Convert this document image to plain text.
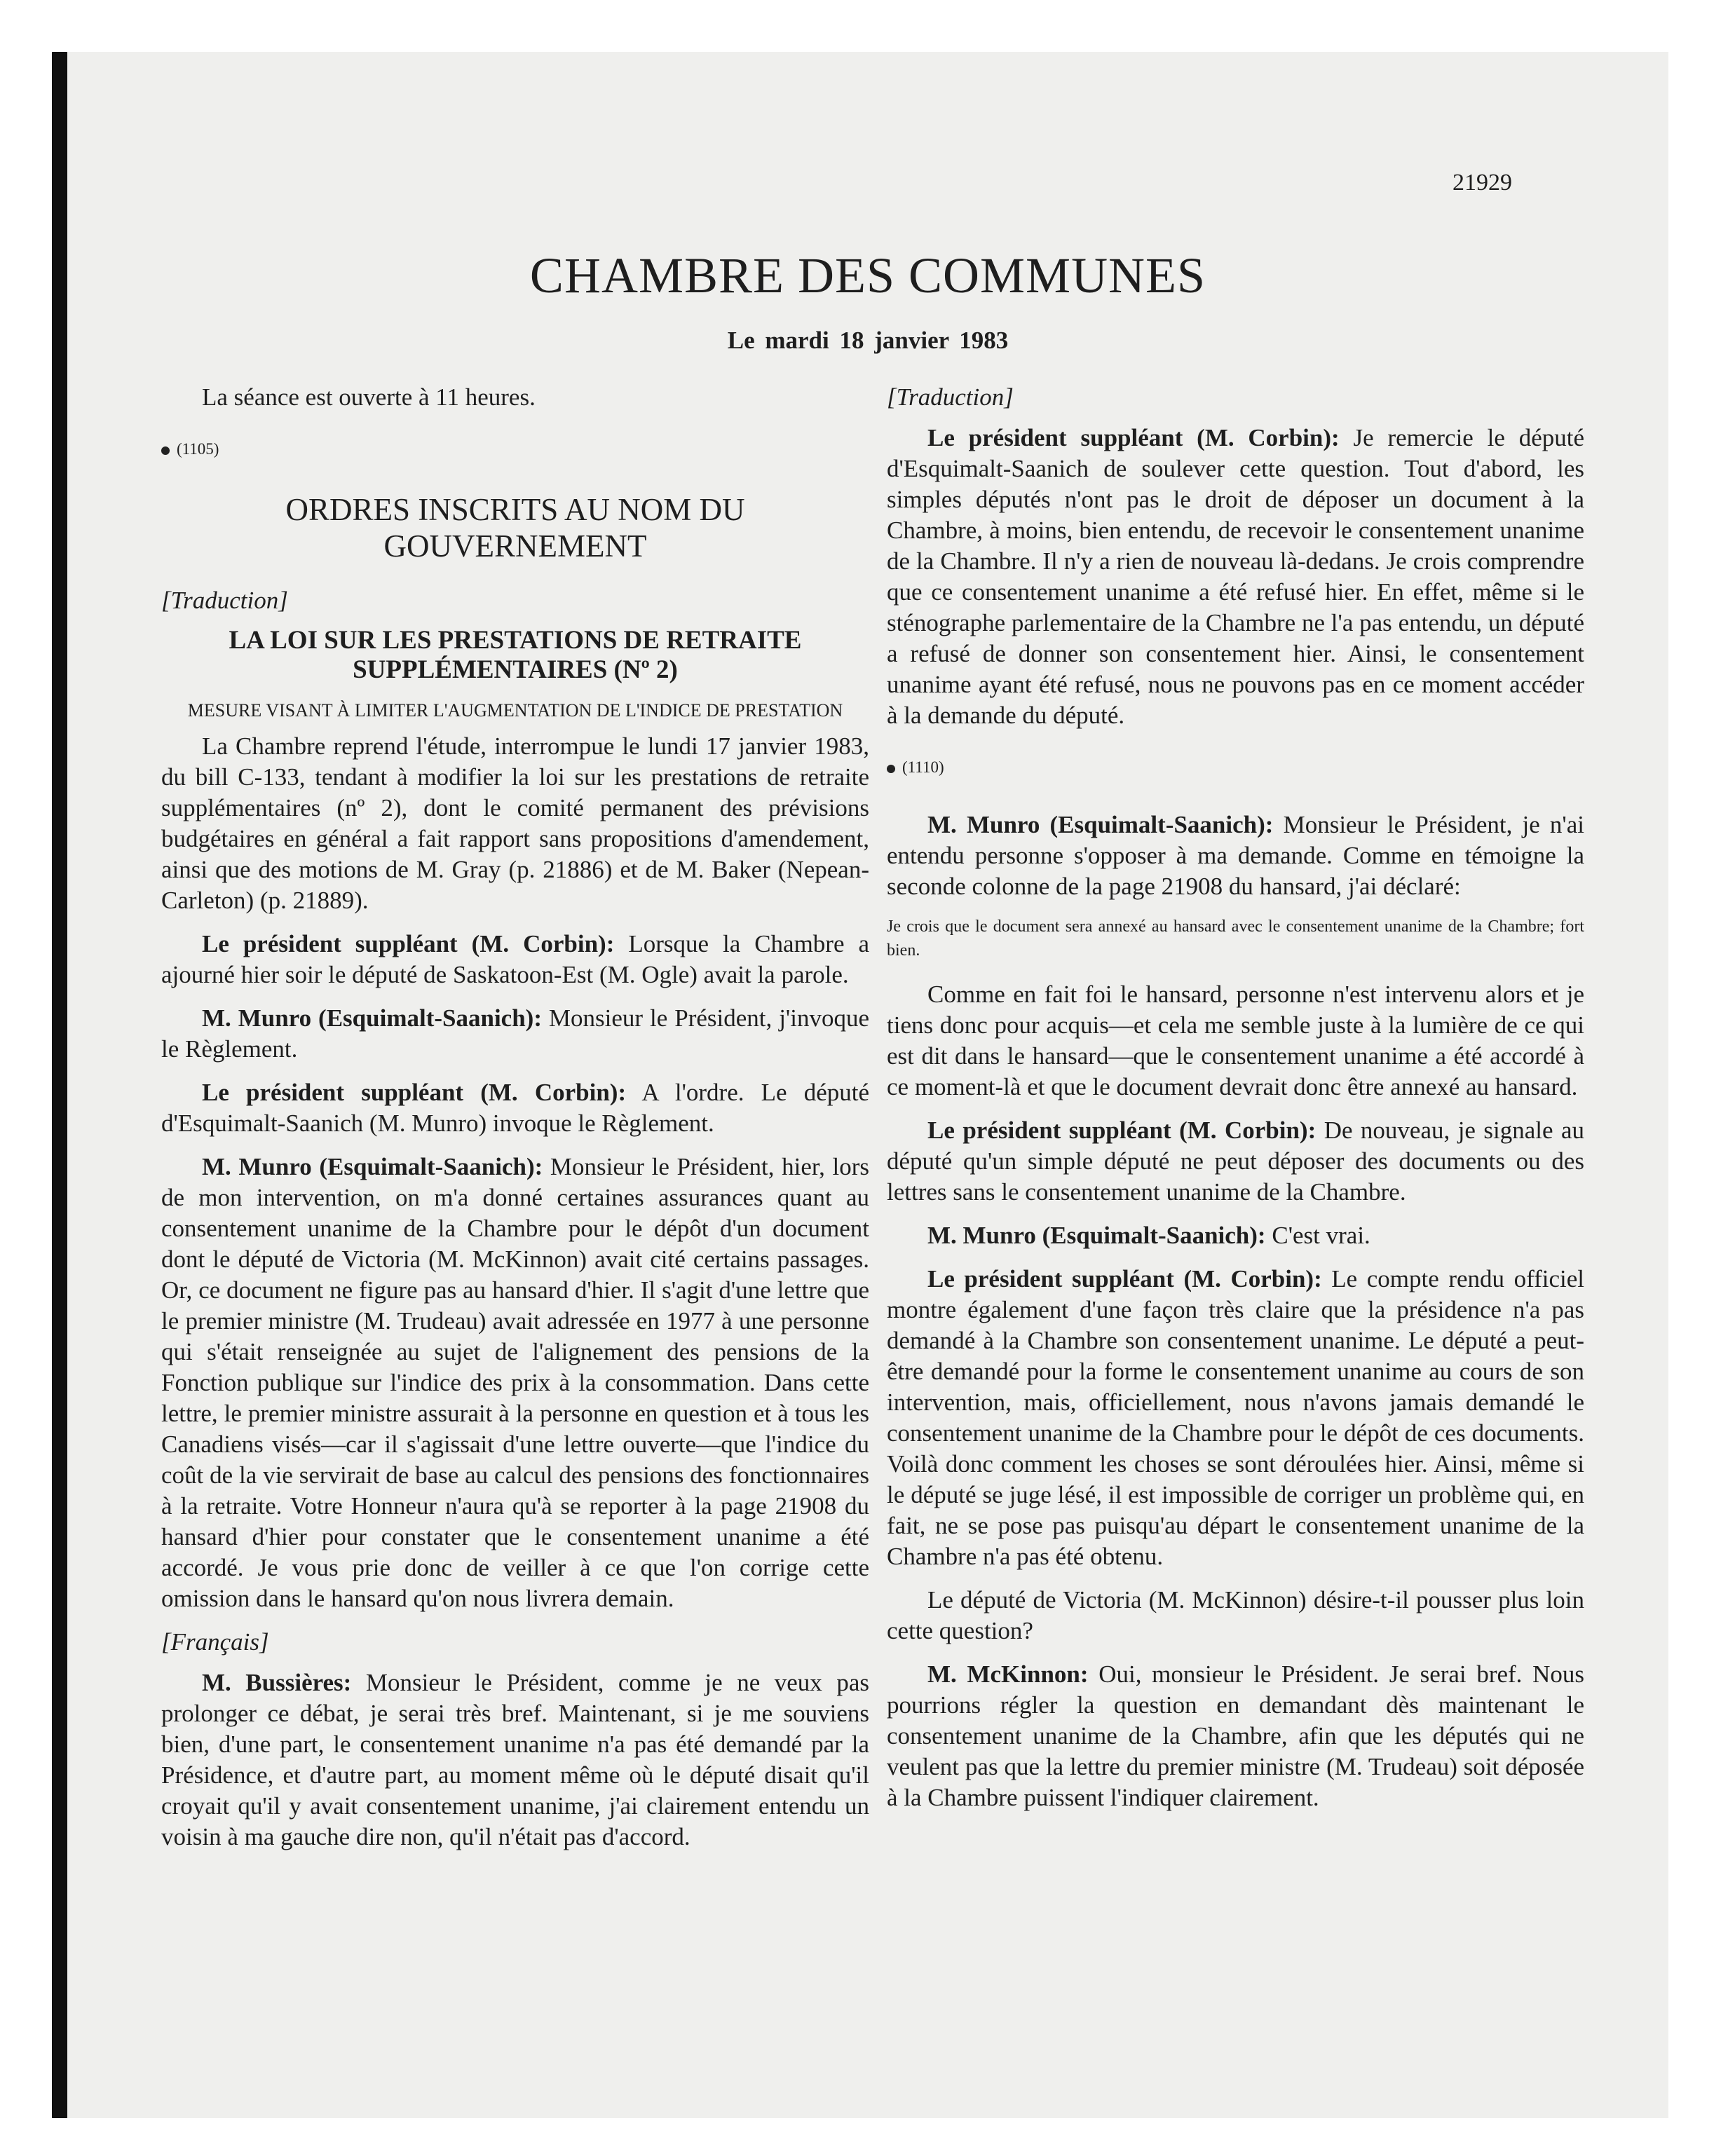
21929
CHAMBRE DES COMMUNES
Le mardi 18 janvier 1983

La séance est ouverte à 11 heures.

(1105)

ORDRES INSCRITS AU NOM DU GOUVERNEMENT

[Traduction]

LA LOI SUR LES PRESTATIONS DE RETRAITE SUPPLÉMENTAIRES (Nº 2)

MESURE VISANT À LIMITER L'AUGMENTATION DE L'INDICE DE PRESTATION

La Chambre reprend l'étude, interrompue le lundi 17 janvier 1983, du bill C-133, tendant à modifier la loi sur les prestations de retraite supplémentaires (nº 2), dont le comité permanent des prévisions budgétaires en général a fait rapport sans propositions d'amendement, ainsi que des motions de M. Gray (p. 21886) et de M. Baker (Nepean-Carleton) (p. 21889).

Le président suppléant (M. Corbin): Lorsque la Chambre a ajourné hier soir le député de Saskatoon-Est (M. Ogle) avait la parole.

M. Munro (Esquimalt-Saanich): Monsieur le Président, j'invoque le Règlement.

Le président suppléant (M. Corbin): A l'ordre. Le député d'Esquimalt-Saanich (M. Munro) invoque le Règlement.

M. Munro (Esquimalt-Saanich): Monsieur le Président, hier, lors de mon intervention, on m'a donné certaines assurances quant au consentement unanime de la Chambre pour le dépôt d'un document dont le député de Victoria (M. McKinnon) avait cité certains passages. Or, ce document ne figure pas au hansard d'hier. Il s'agit d'une lettre que le premier ministre (M. Trudeau) avait adressée en 1977 à une personne qui s'était renseignée au sujet de l'alignement des pensions de la Fonction publique sur l'indice des prix à la consommation. Dans cette lettre, le premier ministre assurait à la personne en question et à tous les Canadiens visés—car il s'agissait d'une lettre ouverte—que l'indice du coût de la vie servirait de base au calcul des pensions des fonctionnaires à la retraite. Votre Honneur n'aura qu'à se reporter à la page 21908 du hansard d'hier pour constater que le consentement unanime a été accordé. Je vous prie donc de veiller à ce que l'on corrige cette omission dans le hansard qu'on nous livrera demain.

[Français]

M. Bussières: Monsieur le Président, comme je ne veux pas prolonger ce débat, je serai très bref. Maintenant, si je me souviens bien, d'une part, le consentement unanime n'a pas été demandé par la Présidence, et d'autre part, au moment même où le député disait qu'il croyait qu'il y avait consentement unanime, j'ai clairement entendu un voisin à ma gauche dire non, qu'il n'était pas d'accord.

[Traduction]

Le président suppléant (M. Corbin): Je remercie le député d'Esquimalt-Saanich de soulever cette question. Tout d'abord, les simples députés n'ont pas le droit de déposer un document à la Chambre, à moins, bien entendu, de recevoir le consentement unanime de la Chambre. Il n'y a rien de nouveau là-dedans. Je crois comprendre que ce consentement unanime a été refusé hier. En effet, même si le sténographe parlementaire de la Chambre ne l'a pas entendu, un député a refusé de donner son consentement hier. Ainsi, le consentement unanime ayant été refusé, nous ne pouvons pas en ce moment accéder à la demande du député.

(1110)

M. Munro (Esquimalt-Saanich): Monsieur le Président, je n'ai entendu personne s'opposer à ma demande. Comme en témoigne la seconde colonne de la page 21908 du hansard, j'ai déclaré:

Je crois que le document sera annexé au hansard avec le consentement unanime de la Chambre; fort bien.

Comme en fait foi le hansard, personne n'est intervenu alors et je tiens donc pour acquis—et cela me semble juste à la lumière de ce qui est dit dans le hansard—que le consentement unanime a été accordé à ce moment-là et que le document devrait donc être annexé au hansard.

Le président suppléant (M. Corbin): De nouveau, je signale au député qu'un simple député ne peut déposer des documents ou des lettres sans le consentement unanime de la Chambre.

M. Munro (Esquimalt-Saanich): C'est vrai.

Le président suppléant (M. Corbin): Le compte rendu officiel montre également d'une façon très claire que la présidence n'a pas demandé à la Chambre son consentement unanime. Le député a peut-être demandé pour la forme le consentement unanime au cours de son intervention, mais, officiellement, nous n'avons jamais demandé le consentement unanime de la Chambre pour le dépôt de ces documents. Voilà donc comment les choses se sont déroulées hier. Ainsi, même si le député se juge lésé, il est impossible de corriger un problème qui, en fait, ne se pose pas puisqu'au départ le consentement unanime de la Chambre n'a pas été obtenu.

Le député de Victoria (M. McKinnon) désire-t-il pousser plus loin cette question?

M. McKinnon: Oui, monsieur le Président. Je serai bref. Nous pourrions régler la question en demandant dès maintenant le consentement unanime de la Chambre, afin que les députés qui ne veulent pas que la lettre du premier ministre (M. Trudeau) soit déposée à la Chambre puissent l'indiquer clairement.
